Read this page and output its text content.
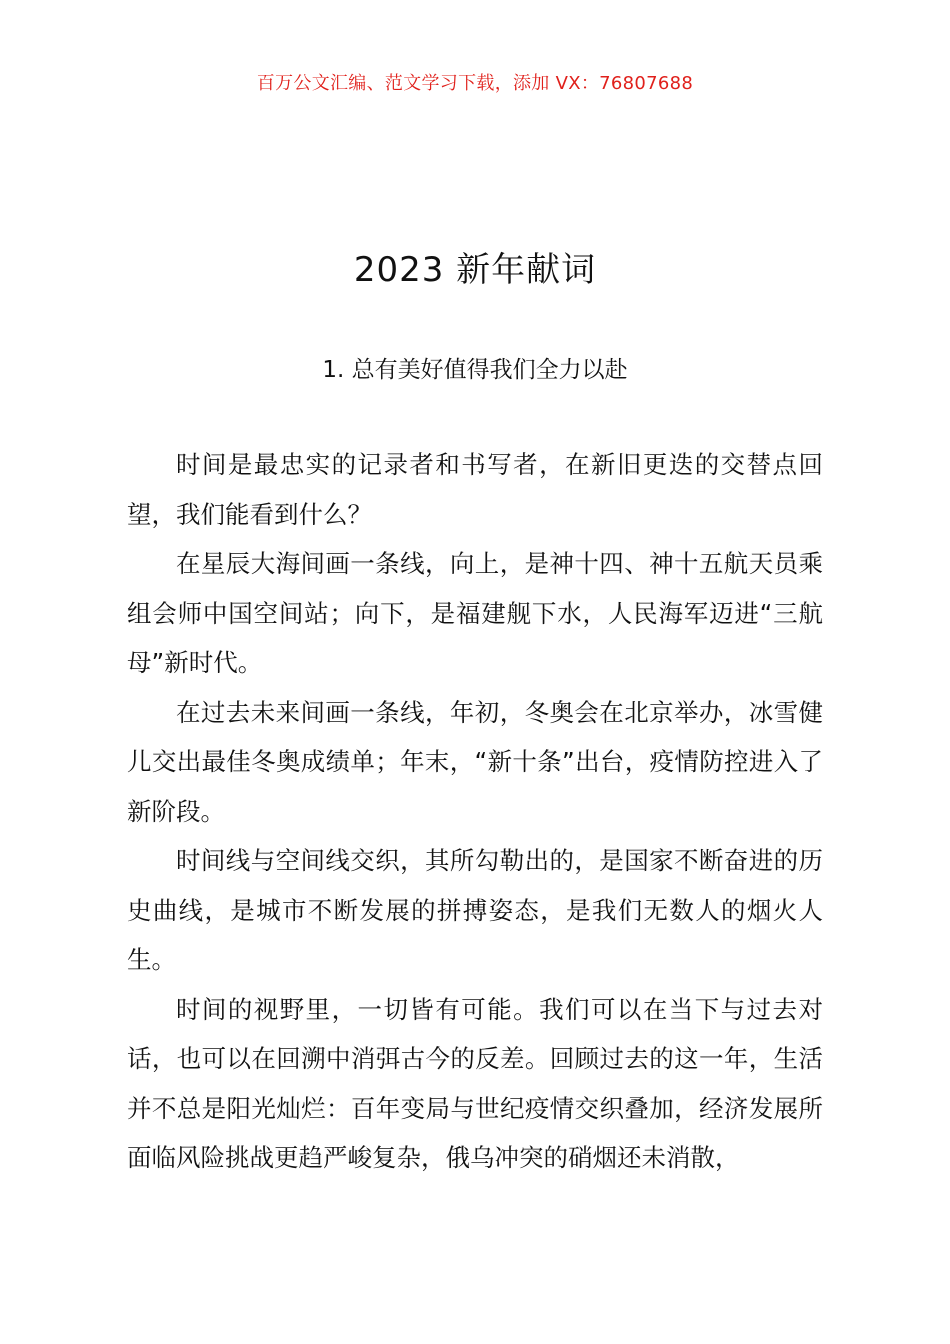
百万公文汇编、范文学习下载，添加 VX：76807688
2023 新年献词
1. 总有美好值得我们全力以赴

时间是最忠实的记录者和书写者，在新旧更迭的交替点回望，我们能看到什么？

在星辰大海间画一条线，向上，是神十四、神十五航天员乘组会师中国空间站；向下，是福建舰下水，人民海军迈进“三航母”新时代。

在过去未来间画一条线，年初，冬奥会在北京举办，冰雪健儿交出最佳冬奥成绩单；年末，“新十条”出台，疫情防控进入了新阶段。

时间线与空间线交织，其所勾勒出的，是国家不断奋进的历史曲线，是城市不断发展的拼搏姿态，是我们无数人的烟火人生。

时间的视野里，一切皆有可能。我们可以在当下与过去对话，也可以在回溯中消弭古今的反差。回顾过去的这一年，生活并不总是阳光灿烂：百年变局与世纪疫情交织叠加，经济发展所面临风险挑战更趋严峻复杂，俄乌冲突的硝烟还未消散，
